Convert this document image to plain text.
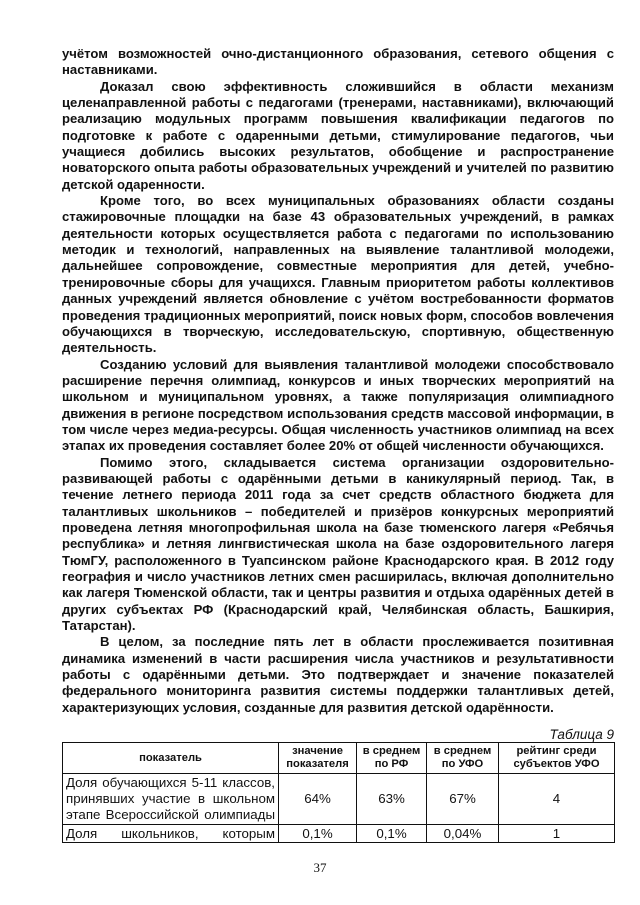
учётом возможностей очно-дистанционного образования, сетевого общения с наставниками.

Доказал свою эффективность сложившийся в области механизм целенаправленной работы с педагогами (тренерами, наставниками), включающий реализацию модульных программ повышения квалификации педагогов по подготовке к работе с одаренными детьми, стимулирование педагогов, чьи учащиеся добились высоких результатов, обобщение и распространение новаторского опыта работы образовательных учреждений и учителей по развитию детской одаренности.

Кроме того, во всех муниципальных образованиях области созданы стажировочные площадки на базе 43 образовательных учреждений, в рамках деятельности которых осуществляется работа с педагогами по использованию методик и технологий, направленных на выявление талантливой молодежи, дальнейшее сопровождение, совместные мероприятия для детей, учебно-тренировочные сборы для учащихся. Главным приоритетом работы коллективов данных учреждений является обновление с учётом востребованности форматов проведения традиционных мероприятий, поиск новых форм, способов вовлечения обучающихся в творческую, исследовательскую, спортивную, общественную деятельность.

Созданию условий для выявления талантливой молодежи способствовало расширение перечня олимпиад, конкурсов и иных творческих мероприятий на школьном и муниципальном уровнях, а также популяризация олимпиадного движения в регионе посредством использования средств массовой информации, в том числе через медиа-ресурсы. Общая численность участников олимпиад на всех этапах их проведения составляет более 20% от общей численности обучающихся.

Помимо этого, складывается система организации оздоровительно-развивающей работы с одарёнными детьми в каникулярный период. Так, в течение летнего периода 2011 года за счет средств областного бюджета для талантливых школьников – победителей и призёров конкурсных мероприятий проведена летняя многопрофильная школа на базе тюменского лагеря «Ребячья республика» и летняя лингвистическая школа на базе оздоровительного лагеря ТюмГУ, расположенного в Туапсинском районе Краснодарского края. В 2012 году география и число участников летних смен расширилась, включая дополнительно как лагеря Тюменской области, так и центры развития и отдыха одарённых детей в других субъектах РФ (Краснодарский край, Челябинская область, Башкирия, Татарстан).

В целом, за последние пять лет в области прослеживается позитивная динамика изменений в части расширения числа участников и результативности работы с одарёнными детьми. Это подтверждает и значение показателей федерального мониторинга развития системы поддержки талантливых детей, характеризующих условия, созданные для развития детской одарённости.

Таблица 9
показатель	значение показателя	в среднем по РФ	в среднем по УФО	рейтинг среди субъектов УФО
Доля обучающихся 5-11 классов, принявших участие в школьном этапе Всероссийской олимпиады	64%	63%	67%	4
Доля школьников, которым	0,1%	0,1%	0,04%	1
37
